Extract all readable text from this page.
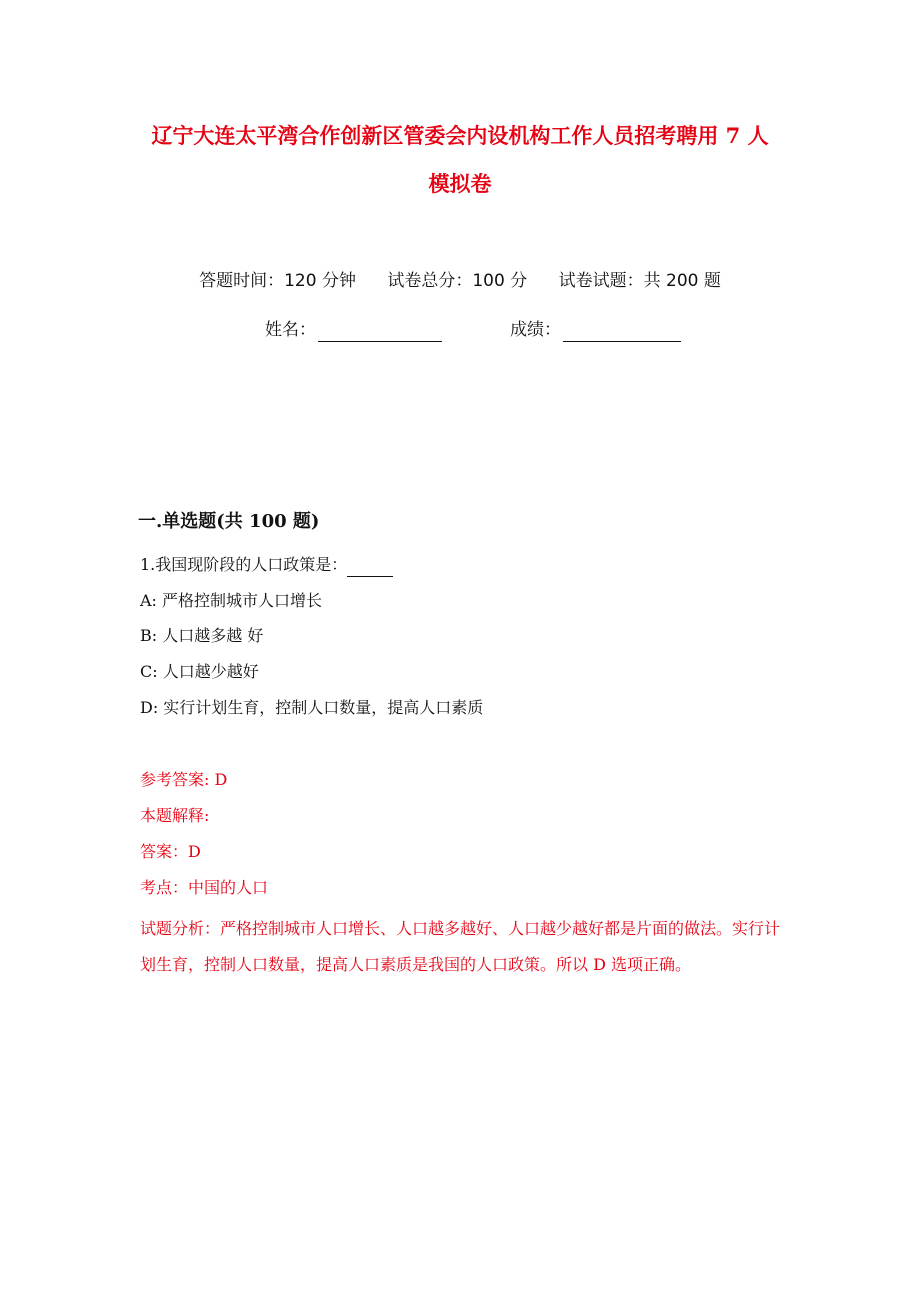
辽宁大连太平湾合作创新区管委会内设机构工作人员招考聘用 7 人
模拟卷
答题时间：120 分钟 试卷总分：100 分 试卷试题：共 200 题
姓名：	成绩：
一.单选题(共 100 题)
1.我国现阶段的人口政策是：
A: 严格控制城市人口增长
B: 人口越多越 好
C: 人口越少越好
D: 实行计划生育，控制人口数量，提高人口素质
参考答案: D
本题解释:
答案：D
考点：中国的人口
试题分析：严格控制城市人口增长、人口越多越好、人口越少越好都是片面的做法。实行计划生育，控制人口数量，提高人口素质是我国的人口政策。所以 D 选项正确。
